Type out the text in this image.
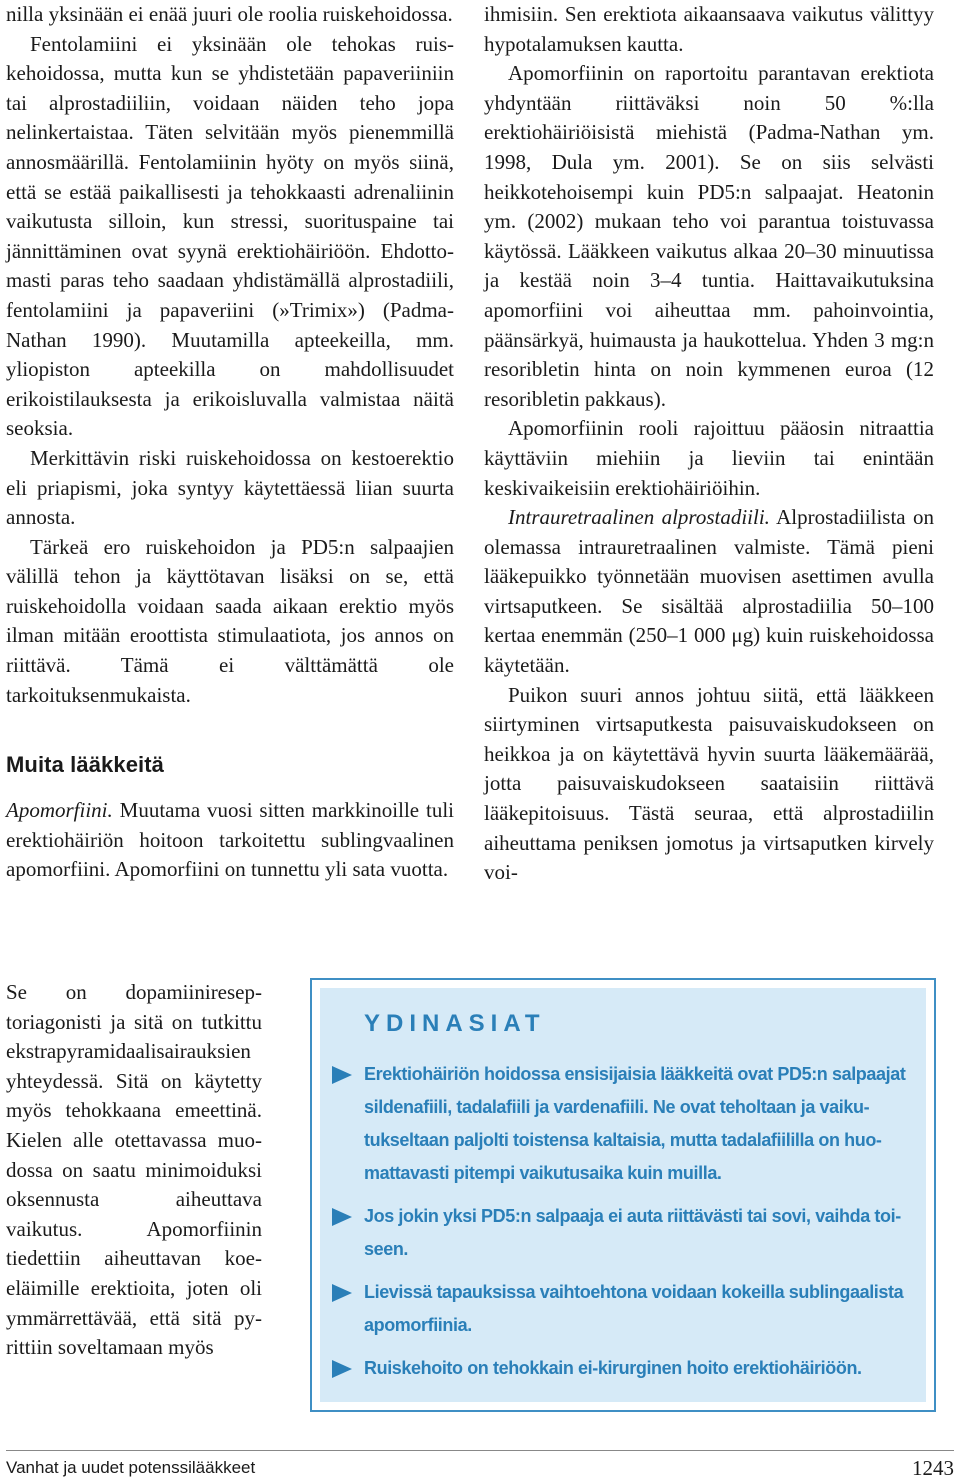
nilla yksinään ei enää juuri ole roolia ruiskehoidossa.

Fentolamiini ei yksinään ole tehokas ruiskehoidossa, mutta kun se yhdistetään papaveriiniin tai alprostadiiliin, voidaan näiden teho jopa nelinkertaistaa. Täten selvitään myös pienemmillä annosmäärillä. Fentolamiinin hyöty on myös siinä, että se estää paikallisesti ja tehokkaasti adrenaliinin vaikutusta silloin, kun stressi, suorituspaine tai jännittäminen ovat syynä erektiohäiriöön. Ehdottomasti paras teho saadaan yhdistämällä alprostadiili, fentolamiini ja papaveriini (»Trimix») (Padma-Nathan 1990). Muutamilla apteekeilla, mm. yliopiston apteekilla on mahdollisuudet erikoistilauksesta ja erikoisluvalla valmistaa näitä seoksia.

Merkittävin riski ruiskehoidossa on kestoerektio eli priapismi, joka syntyy käytettäessä liian suurta annosta.

Tärkeä ero ruiskehoidon ja PD5:n salpaajien välillä tehon ja käyttötavan lisäksi on se, että ruiskehoidolla voidaan saada aikaan erektio myös ilman mitään eroottista stimulaatiota, jos annos on riittävä. Tämä ei välttämättä ole tarkoituksenmukaista.

Muita lääkkeitä

Apomorfiini. Muutama vuosi sitten markkinoille tuli erektiohäiriön hoitoon tarkoitettu sublingvaalinen apomorfiini. Apomorfiini on tunnettu yli sata vuotta.

Se on dopamiinireseptoriagonisti ja sitä on tutkittu ekstrapyramidaalisairauksien yhteydessä. Sitä on käytetty myös tehokkaana emeettinä. Kielen alle otettavassa muodossa on saatu minimoiduksi oksennusta aiheuttava vaikutus. Apomorfiinin tiedettiin aiheuttavan koe-eläimille erektioita, joten oli ymmärrettävää, että sitä pyrittiin soveltamaan myös

ihmisiin. Sen erektiota aikaansaava vaikutus välittyy hypotalamuksen kautta.

Apomorfiinin on raportoitu parantavan erektiota yhdyntään riittäväksi noin 50 %:lla erektiohäiriöisistä miehistä (Padma-Nathan ym. 1998, Dula ym. 2001). Se on siis selvästi heikkotehoisempi kuin PD5:n salpaajat. Heatonin ym. (2002) mukaan teho voi parantua toistuvassa käytössä. Lääkkeen vaikutus alkaa 20–30 minuutissa ja kestää noin 3–4 tuntia. Haittavaikutuksina apomorfiini voi aiheuttaa mm. pahoinvointia, päänsärkyä, huimausta ja haukottelua. Yhden 3 mg:n resoribletin hinta on noin kymmenen euroa (12 resoribletin pakkaus).

Apomorfiinin rooli rajoittuu pääosin nitraattia käyttäviin miehiin ja lieviin tai enintään keskivaikeisiin erektiohäiriöihin.

Intrauretraalinen alprostadiili. Alprostadiilista on olemassa intrauretraalinen valmiste. Tämä pieni lääkepuikko työnnetään muovisen asettimen avulla virtsaputkeen. Se sisältää alprostadiilia 50–100 kertaa enemmän (250–1 000 μg) kuin ruiskehoidossa käytetään.

Puikon suuri annos johtuu siitä, että lääkkeen siirtyminen virtsaputkesta paisuvaiskudokseen on heikkoa ja on käytettävä hyvin suurta lääkemäärää, jotta paisuvaiskudokseen saataisiin riittävä lääkepitoisuus. Tästä seuraa, että alprostadiilin aiheuttama peniksen jomotus ja virtsaputken kirvely voi-

YDINASIAT
Erektiohäiriön hoidossa ensisijaisia lääkkeitä ovat PD5:n salpaajat sildenafiili, tadalafiili ja vardenafiili. Ne ovat teholtaan ja vaikutukseltaan paljolti toistensa kaltaisia, mutta tadalafiililla on huomattavasti pitempi vaikutusaika kuin muilla.
Jos jokin yksi PD5:n salpaaja ei auta riittävästi tai sovi, vaihda toiseen.
Lievissä tapauksissa vaihtoehtona voidaan kokeilla sublingaalista apomorfiinia.
Ruiskehoito on tehokkain ei-kirurginen hoito erektiohäiriöön.
Vanhat ja uudet potenssilääkkeet	1243
